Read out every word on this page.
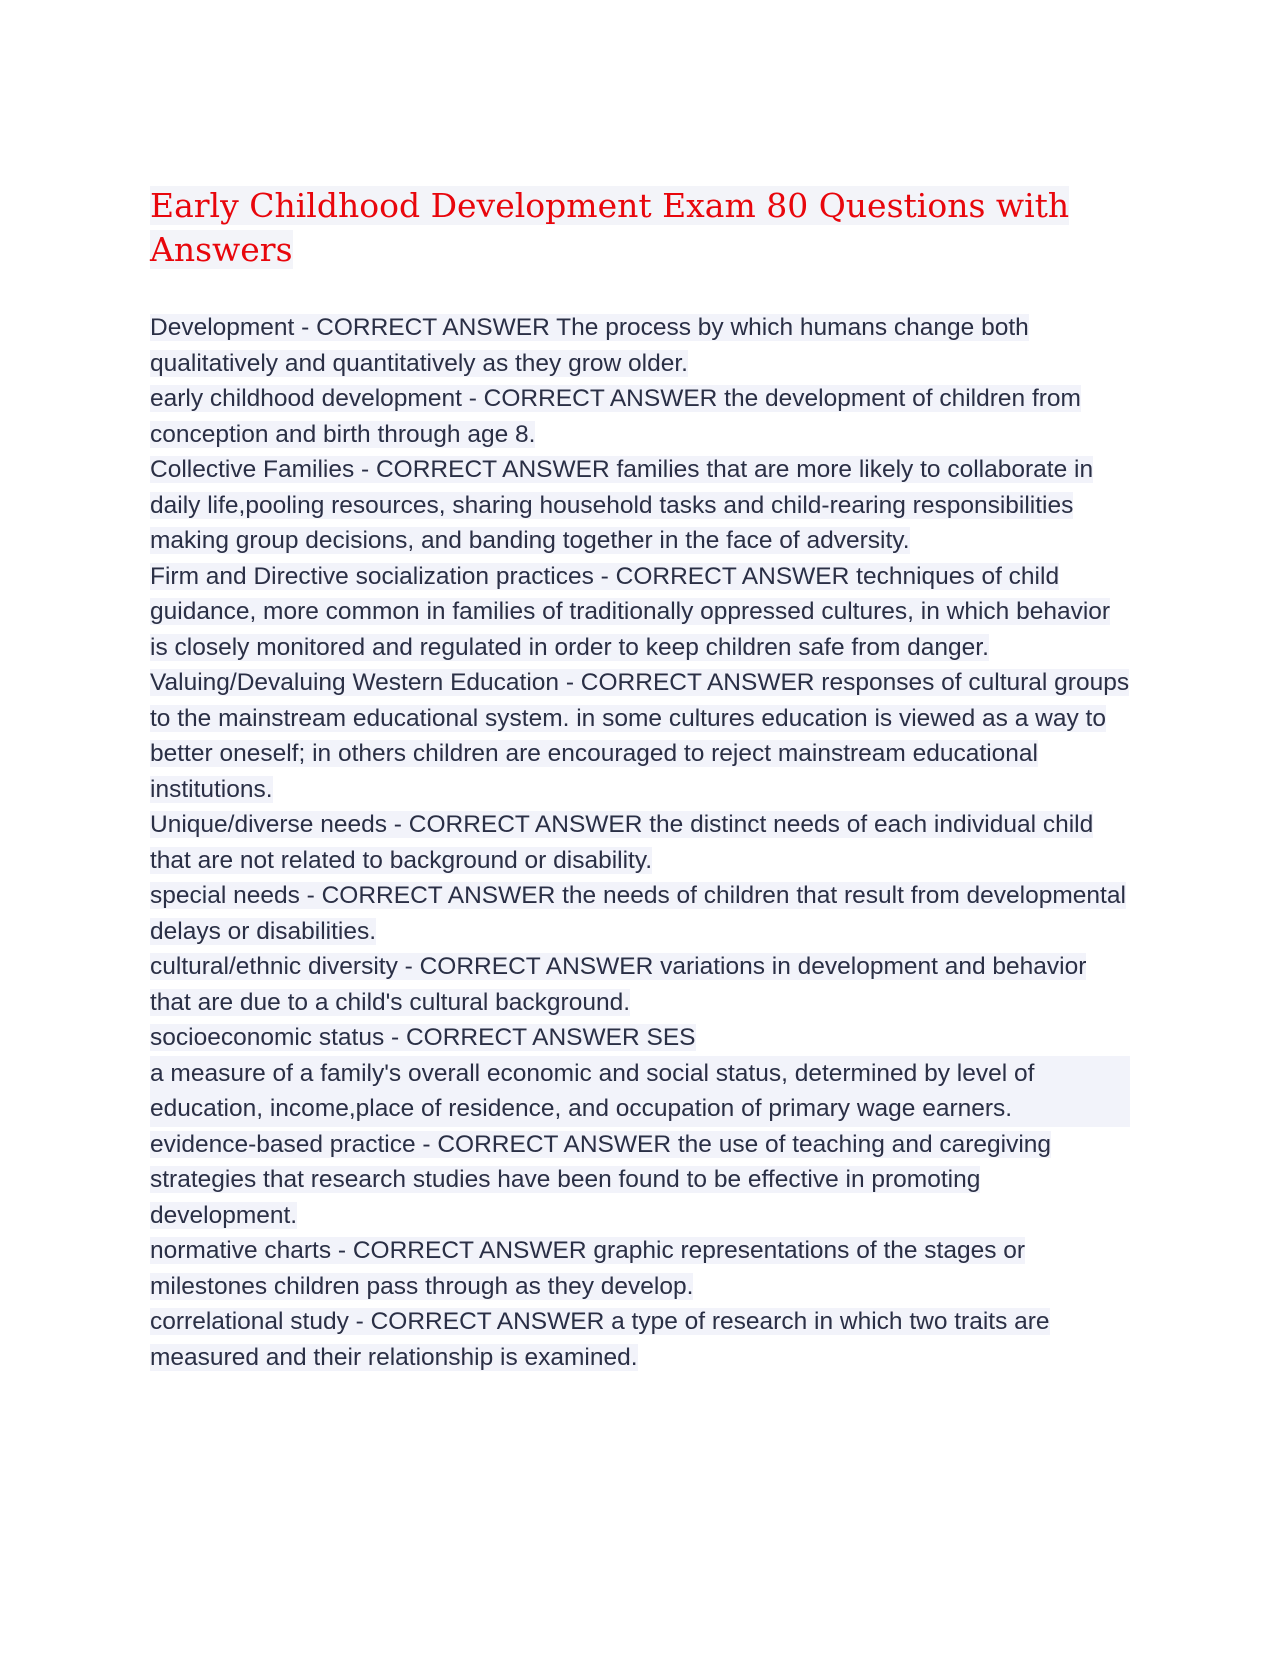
Early Childhood Development Exam 80 Questions with Answers

Development - CORRECT ANSWER The process by which humans change both qualitatively and quantitatively as they grow older.

early childhood development - CORRECT ANSWER the development of children from conception and birth through age 8.

Collective Families - CORRECT ANSWER families that are more likely to collaborate in daily life,pooling resources, sharing household tasks and child-rearing responsibilities making group decisions, and banding together in the face of adversity.

Firm and Directive socialization practices - CORRECT ANSWER techniques of child guidance, more common in families of traditionally oppressed cultures, in which behavior is closely monitored and regulated in order to keep children safe from danger.

Valuing/Devaluing Western Education - CORRECT ANSWER responses of cultural groups to the mainstream educational system. in some cultures education is viewed as a way to better oneself; in others children are encouraged to reject mainstream educational institutions.

Unique/diverse needs - CORRECT ANSWER the distinct needs of each individual child that are not related to background or disability.

special needs - CORRECT ANSWER the needs of children that result from developmental delays or disabilities.

cultural/ethnic diversity - CORRECT ANSWER variations in development and behavior that are due to a child's cultural background.

socioeconomic status - CORRECT ANSWER SES
a measure of a family's overall economic and social status, determined by level of education, income,place of residence, and occupation of primary wage earners.

evidence-based practice - CORRECT ANSWER the use of teaching and caregiving strategies that research studies have been found to be effective in promoting development.

normative charts - CORRECT ANSWER graphic representations of the stages or milestones children pass through as they develop.

correlational study - CORRECT ANSWER a type of research in which two traits are measured and their relationship is examined.
